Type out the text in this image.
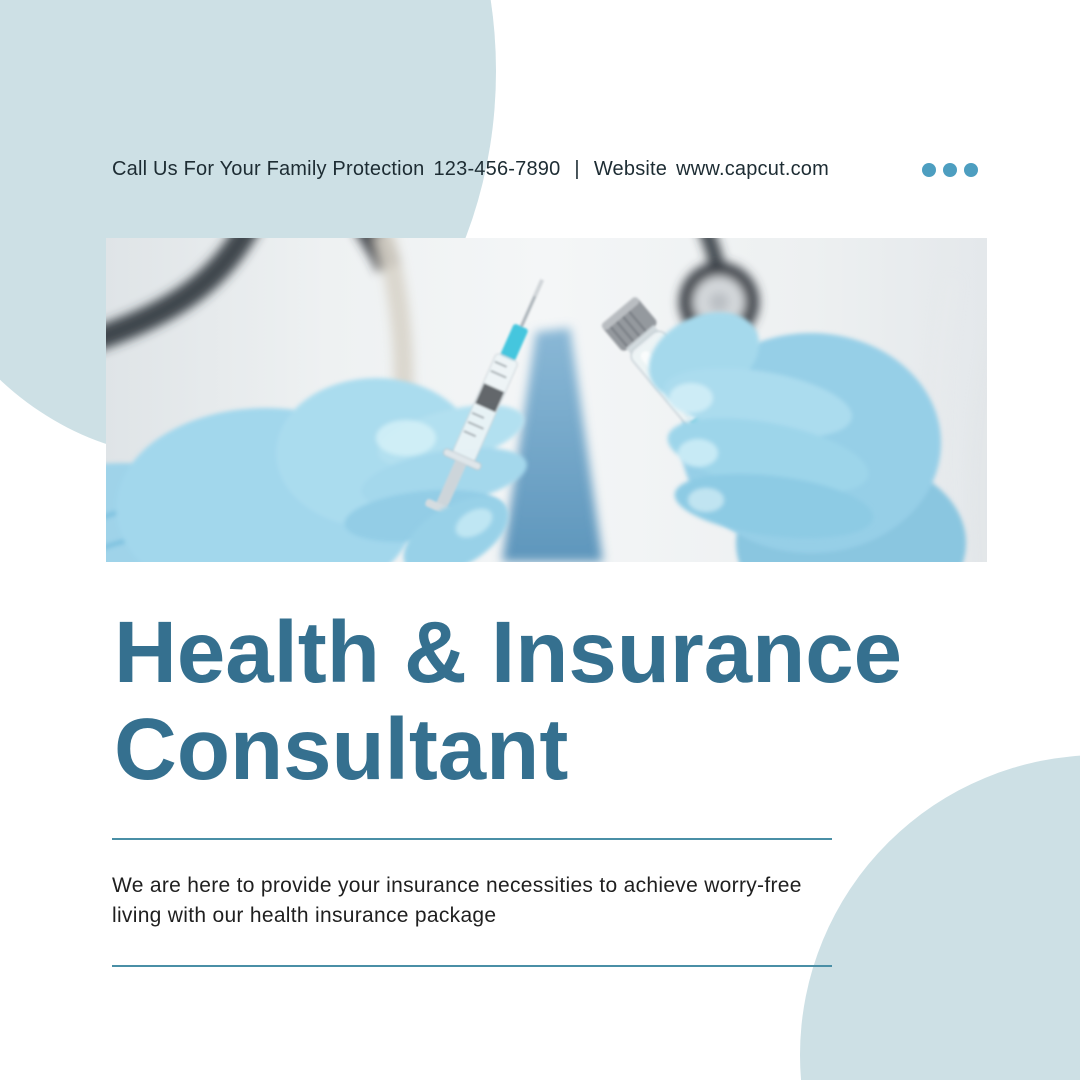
Call Us For Your Family Protection 123-456-7890 | Website www.capcut.com
Health & Insurance
Consultant
We are here to provide your insurance necessities to achieve worry-free living with our health insurance package
